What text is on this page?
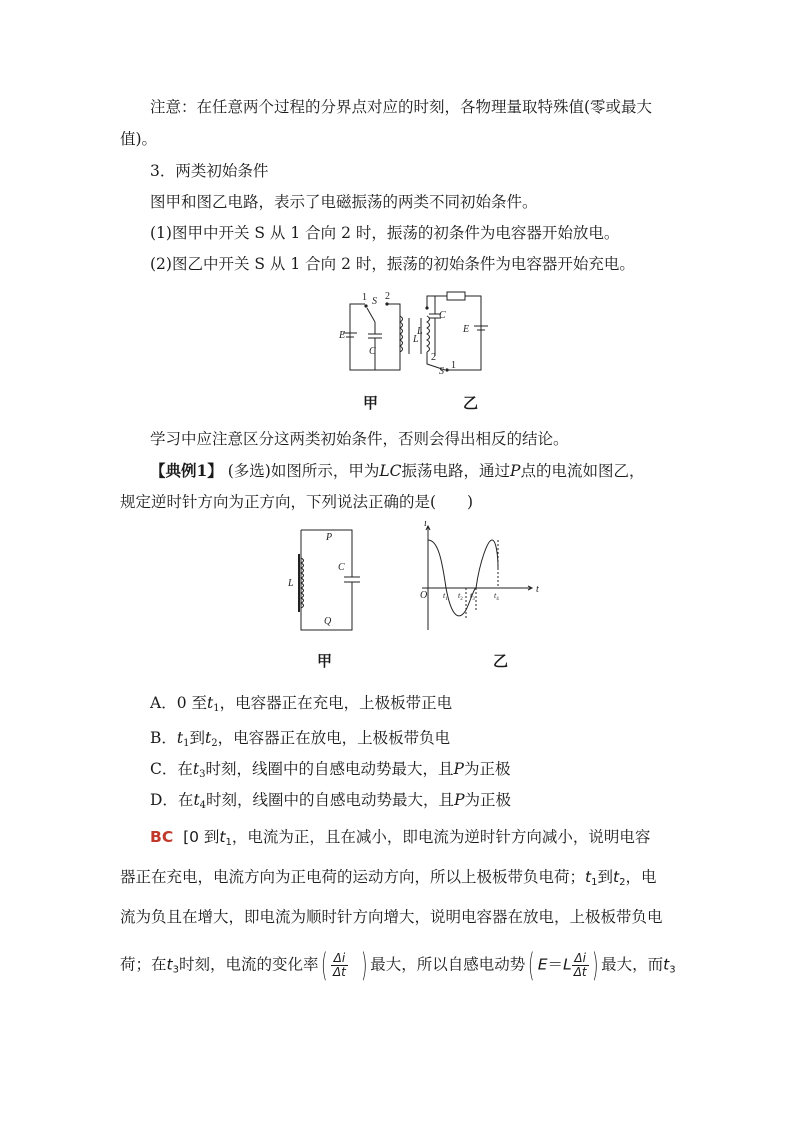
注意：在任意两个过程的分界点对应的时刻，各物理量取特殊值(零或最大
值)。
3．两类初始条件
图甲和图乙电路，表示了电磁振荡的两类不同初始条件。
(1)图甲中开关 S 从 1 合向 2 时，振荡的初条件为电容器开始放电。
(2)图乙中开关 S 从 1 合向 2 时，振荡的初始条件为电容器开始充电。
1 S 2
E
C
L
C
E
L
2
S
1
甲	乙
学习中应注意区分这两类初始条件，否则会得出相反的结论。
【典例1】 (多选)如图所示，甲为LC振荡电路，通过P点的电流如图乙，
规定逆时针方向为正方向，下列说法正确的是(　　)
P
Q
C
L
i
O
t
$t_1$ $t_2$ $t_3$ $t_4$
甲	乙
A．0 至$t_1$，电容器正在充电，上极板带正电
B．$t_1$到$t_2$，电容器正在放电，上极板带负电
C．在$t_3$时刻，线圈中的自感电动势最大，且P为正极
D．在$t_4$时刻，线圈中的自感电动势最大，且P为正极
BC [0 到$t_1$，电流为正，且在减小，即电流为逆时针方向减小，说明电容
器正在充电，电流方向为正电荷的运动方向，所以上极板带负电荷；$t_1$到$t_2$，电
流为负且在增大，即电流为顺时针方向增大，说明电容器在放电，上极板带负电
荷；在$t_3$时刻，电流的变化率( $\frac{\Delta i}{\Delta t}$ ) 最大，所以自感电动势( $E=L \frac{\Delta i}{\Delta t}$ ) 最大，而$t_3$
